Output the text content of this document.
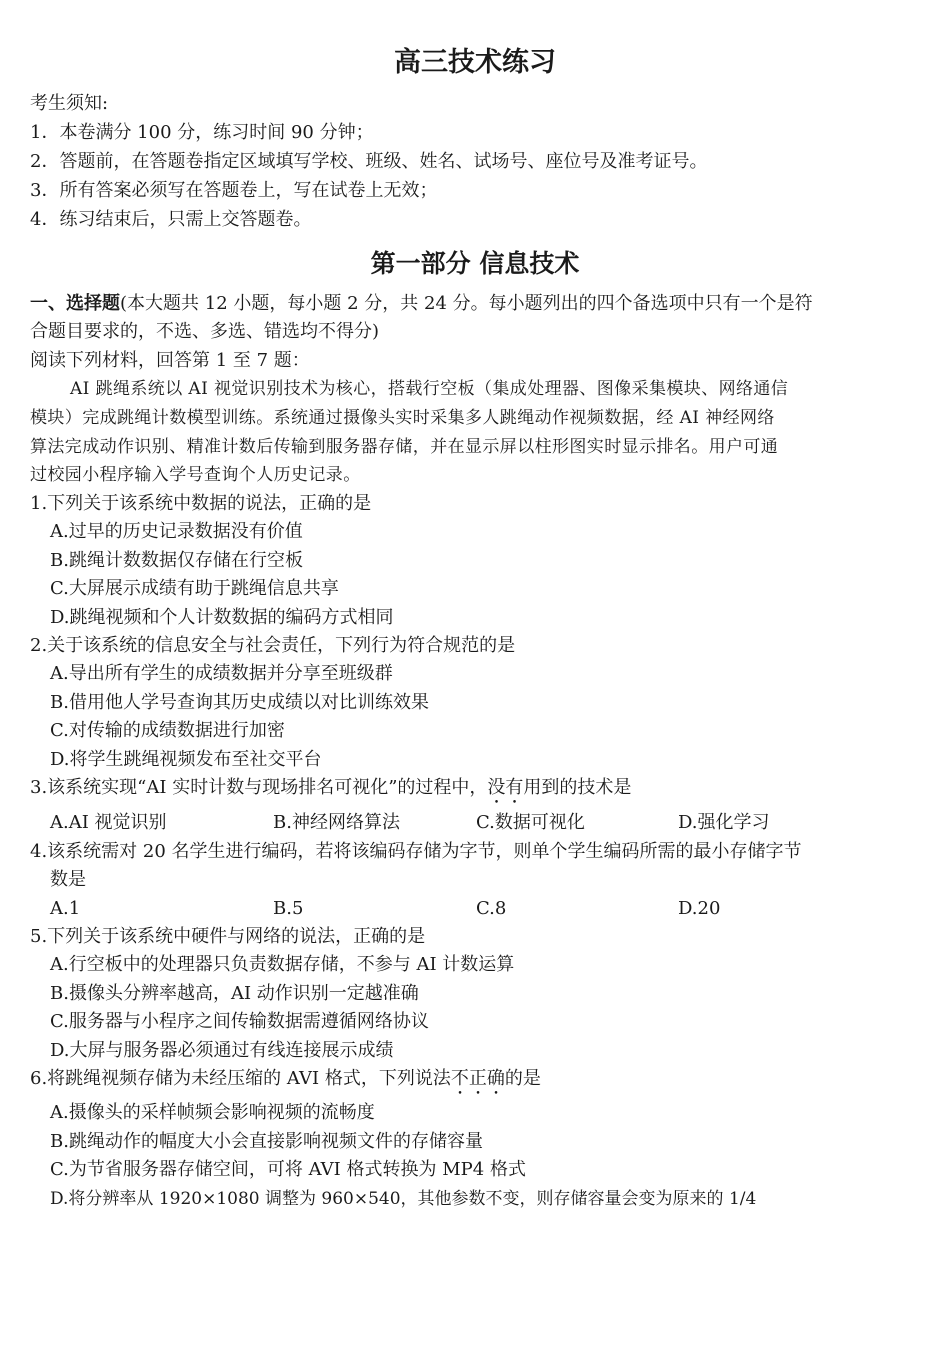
高三技术练习
考生须知:
1．本卷满分 100 分，练习时间 90 分钟；
2．答题前，在答题卷指定区域填写学校、班级、姓名、试场号、座位号及准考证号。
3．所有答案必须写在答题卷上，写在试卷上无效；
4．练习结束后，只需上交答题卷。
第一部分 信息技术
一、选择题(本大题共 12 小题，每小题 2 分，共 24 分。每小题列出的四个备选项中只有一个是符
合题目要求的，不选、多选、错选均不得分)
阅读下列材料，回答第 1 至 7 题：
AI 跳绳系统以 AI 视觉识别技术为核心，搭载行空板（集成处理器、图像采集模块、网络通信
模块）完成跳绳计数模型训练。系统通过摄像头实时采集多人跳绳动作视频数据，经 AI 神经网络
算法完成动作识别、精准计数后传输到服务器存储，并在显示屏以柱形图实时显示排名。用户可通
过校园小程序输入学号查询个人历史记录。
1.下列关于该系统中数据的说法，正确的是
A.过早的历史记录数据没有价值
B.跳绳计数数据仅存储在行空板
C.大屏展示成绩有助于跳绳信息共享
D.跳绳视频和个人计数数据的编码方式相同
2.关于该系统的信息安全与社会责任，下列行为符合规范的是
A.导出所有学生的成绩数据并分享至班级群
B.借用他人学号查询其历史成绩以对比训练效果
C.对传输的成绩数据进行加密
D.将学生跳绳视频发布至社交平台
3.该系统实现“AI 实时计数与现场排名可视化”的过程中，没有用到的技术是
A.AI 视觉识别	B.神经网络算法	C.数据可视化	D.强化学习
4.该系统需对 20 名学生进行编码，若将该编码存储为字节，则单个学生编码所需的最小存储字节
数是
A.1	B.5	C.8	D.20
5.下列关于该系统中硬件与网络的说法，正确的是
A.行空板中的处理器只负责数据存储，不参与 AI 计数运算
B.摄像头分辨率越高，AI 动作识别一定越准确
C.服务器与小程序之间传输数据需遵循网络协议
D.大屏与服务器必须通过有线连接展示成绩
6.将跳绳视频存储为未经压缩的 AVI 格式，下列说法不正确的是
A.摄像头的采样帧频会影响视频的流畅度
B.跳绳动作的幅度大小会直接影响视频文件的存储容量
C.为节省服务器存储空间，可将 AVI 格式转换为 MP4 格式
D.将分辨率从 1920×1080 调整为 960×540，其他参数不变，则存储容量会变为原来的 1/4
